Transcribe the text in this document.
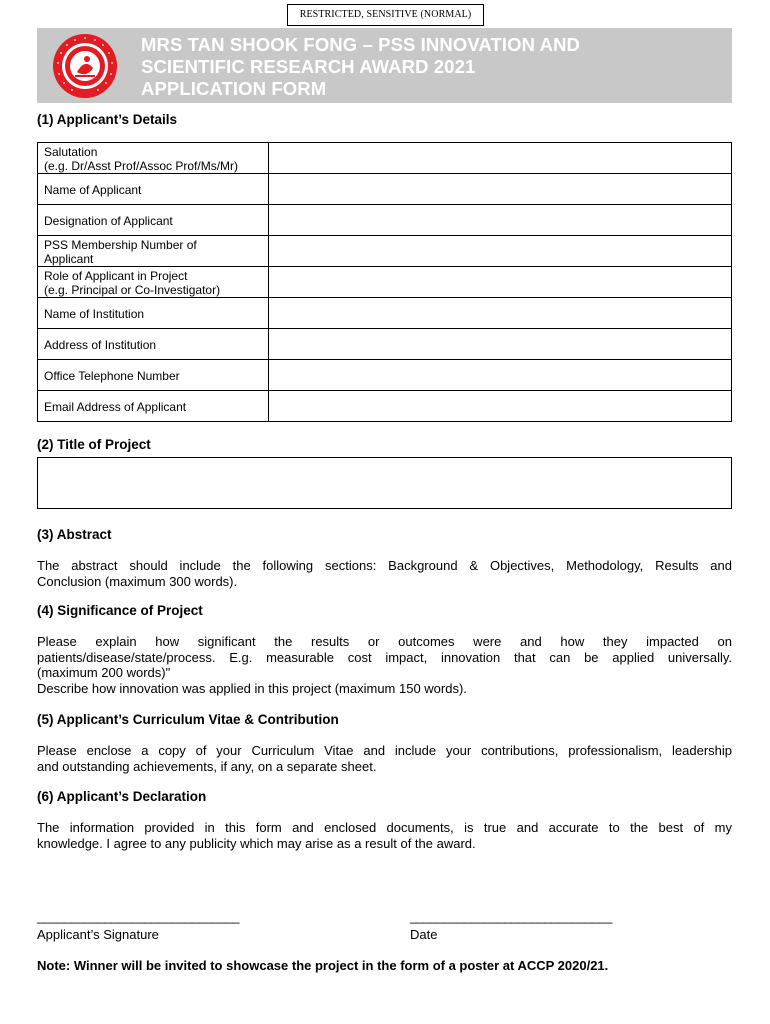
RESTRICTED, SENSITIVE (NORMAL)
MRS TAN SHOOK FONG – PSS INNOVATION AND
SCIENTIFIC RESEARCH AWARD 2021
APPLICATION FORM
(1) Applicant’s Details
Salutation
(e.g. Dr/Asst Prof/Assoc Prof/Ms/Mr)	

Name of Applicant	

Designation of Applicant	

PSS Membership Number of
Applicant	

Role of Applicant in Project
(e.g. Principal or Co-Investigator)	

Name of Institution	

Address of Institution	

Office Telephone Number	

Email Address of Applicant	

(2) Title of Project
(3) Abstract
The abstract should include the following sections: Background & Objectives, Methodology, Results and
Conclusion (maximum 300 words).
(4) Significance of Project
Please explain how significant the results or outcomes were and how they impacted on
patients/disease/state/process. E.g. measurable cost impact, innovation that can be applied universally.
(maximum 200 words)"
Describe how innovation was applied in this project (maximum 150 words).
(5) Applicant’s Curriculum Vitae & Contribution
Please enclose a copy of your Curriculum Vitae and include your contributions, professionalism, leadership
and outstanding achievements, if any, on a separate sheet.
(6) Applicant’s Declaration
The information provided in this form and enclosed documents, is true and accurate to the best of my
knowledge. I agree to any publicity which may arise as a result of the award.
______________________________	______________________________
Applicant’s Signature	Date
Note: Winner will be invited to showcase the project in the form of a poster at ACCP 2020/21.
